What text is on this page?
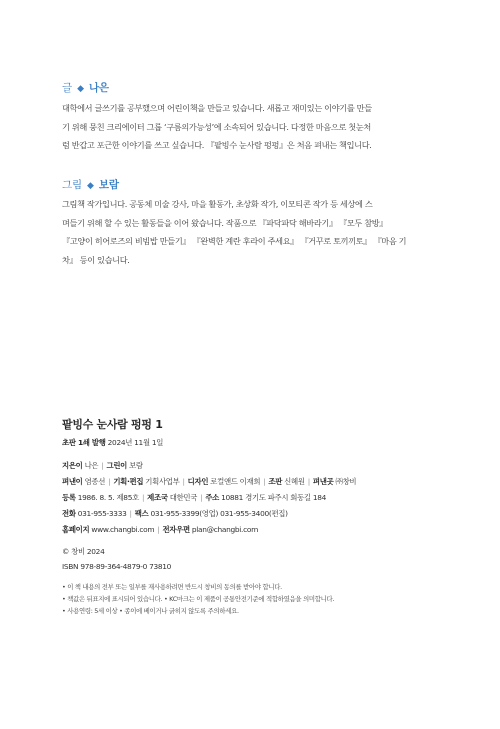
글 ◆ 나은
대학에서 글쓰기를 공부했으며 어린이책을 만들고 있습니다. 새롭고 재미있는 이야기를 만들
기 위해 뭉친 크리에이터 그룹 ‘구름의가능성’에 소속되어 있습니다. 다정한 마음으로 첫눈처
럼 반갑고 포근한 이야기를 쓰고 싶습니다. 『팥빙수 눈사람 펑펑』은 처음 펴내는 책입니다.
그림 ◆ 보람
그림책 작가입니다. 공동체 미술 강사, 마을 활동가, 초상화 작가, 이모티콘 작가 등 세상에 스
며들기 위해 할 수 있는 활동들을 이어 왔습니다. 작품으로 『파닥파닥 해바라기』 『모두 참방』
『고양이 히어로즈의 비빔밥 만들기』 『완벽한 계란 후라이 주세요』 『거꾸로 토끼끼토』 『마음 기
차』 등이 있습니다.
팥빙수 눈사람 펑펑 1
초판 1쇄 발행 2024년 11월 1일
지은이 나은 | 그린이 보람
펴낸이 염종선 | 기획·편집 기획사업부 | 디자인 로컬앤드 이재희 | 조판 신혜원 | 펴낸곳 ㈜창비
등록 1986. 8. 5. 제85호 | 제조국 대한민국 | 주소 10881 경기도 파주시 회동길 184
전화 031-955-3333 | 팩스 031-955-3399(영업) 031-955-3400(편집)
홈페이지 www.changbi.com | 전자우편 plan@changbi.com
© 창비 2024
ISBN 978-89-364-4879-0 73810
• 이 책 내용의 전부 또는 일부를 재사용하려면 반드시 창비의 동의를 받아야 합니다.
• 책값은 뒤표지에 표시되어 있습니다. • KC마크는 이 제품이 공통안전기준에 적합하였음을 의미합니다.
• 사용연령: 5세 이상 • 종이에 베이거나 긁히지 않도록 주의하세요.
